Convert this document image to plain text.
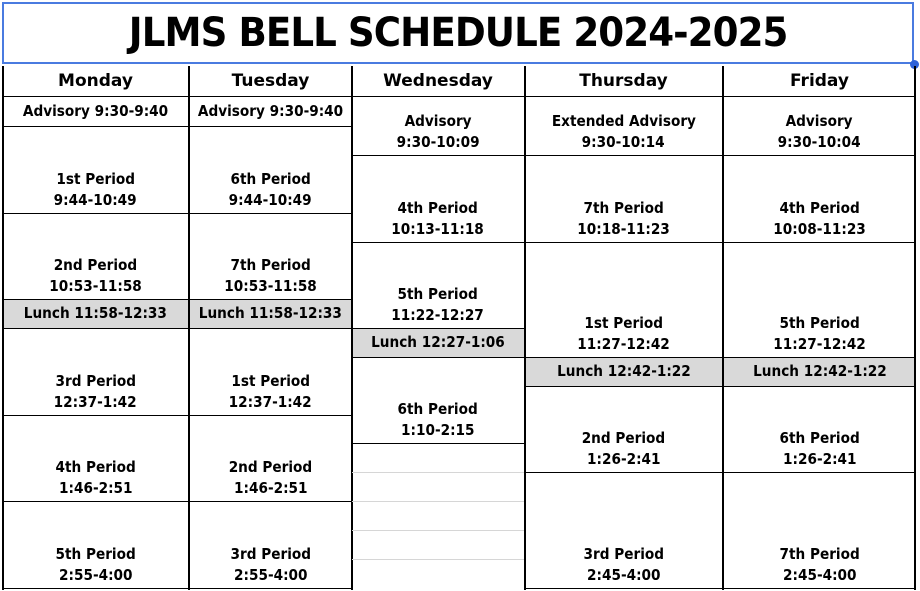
JLMS BELL SCHEDULE 2024-2025
Monday
Advisory 9:30-9:40
1st Period
9:44-10:49
2nd Period
10:53-11:58
Lunch 11:58-12:33
3rd Period
12:37-1:42
4th Period
1:46-2:51
5th Period
2:55-4:00
Tuesday
Advisory 9:30-9:40
6th Period
9:44-10:49
7th Period
10:53-11:58
Lunch 11:58-12:33
1st Period
12:37-1:42
2nd Period
1:46-2:51
3rd Period
2:55-4:00
Wednesday
Advisory
9:30-10:09
4th Period
10:13-11:18
5th Period
11:22-12:27
Lunch 12:27-1:06
6th Period
1:10-2:15
Thursday
Extended Advisory
9:30-10:14
7th Period
10:18-11:23
1st Period
11:27-12:42
Lunch 12:42-1:22
2nd Period
1:26-2:41
3rd Period
2:45-4:00
Friday
Advisory
9:30-10:04
4th Period
10:08-11:23
5th Period
11:27-12:42
Lunch 12:42-1:22
6th Period
1:26-2:41
7th Period
2:45-4:00
